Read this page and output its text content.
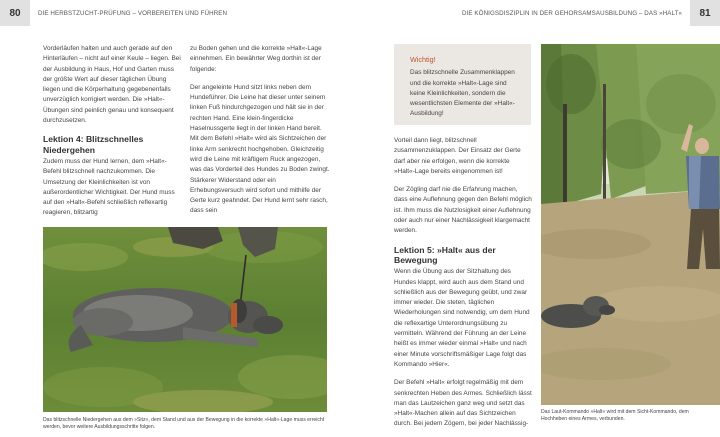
80	DIE HERBSTZUCHT-PRÜFUNG – VORBEREITEN UND FÜHREN	DIE KÖNIGSDISZIPLIN IN DER GEHORSAMSAUSBILDUNG – DAS »HALT«	81

Vorderläufen halten und auch gerade auf den Hinterläufen – nicht auf einer Keule – liegen. Bei der Ausbildung in Haus, Hof und Garten muss der größte Wert auf dieser täglichen Übung liegen und die Körperhaltung gegebenenfalls unverzüglich korrigiert werden. Die »Halt«-Übungen sind peinlich genau und konsequent durchzusetzen.

Lektion 4: Blitzschnelles Niedergehen

Zudem muss der Hund lernen, dem »Halt«-Befehl blitzschnell nachzukommen. Die Umsetzung der Kleinlichkeiten ist von außerordentlicher Wichtigkeit. Der Hund muss auf den »Halt«-Befehl schließlich reflexartig reagieren, blitzartig

zu Boden gehen und die korrekte »Halt«-Lage einnehmen. Ein bewährter Weg dorthin ist der folgende:

Der angeleinte Hund sitzt links neben dem Hundeführer. Die Leine hat dieser unter seinem linken Fuß hindurchgezogen und hält sie in der rechten Hand. Eine klein-fingerdicke Haselnussgerte liegt in der linken Hand bereit. Mit dem Befehl »Halt« wird als Sichtzeichen der linke Arm senkrecht hochgehoben. Gleichzeitig wird die Leine mit kräftigem Ruck angezogen, was das Vorderteil des Hundes zu Boden zwingt. Stärkerer Widerstand oder ein Erhebungsversuch wird sofort und mithilfe der Gerte kurz geahndet. Der Hund lernt sehr rasch, dass sein

Das blitzschnelle Niedergehen aus dem »Sitz«, dem Stand und aus der Bewegung in die korrekte »Halt«-Lage muss erreicht werden, bevor weitere Ausbildungsschritte folgen.
Wichtig!
Das blitzschnelle Zusammenklappen und die korrekte »Halt«-Lage sind keine Kleinlichkeiten, sondern die wesentlichsten Elemente der »Halt«-Ausbildung!

Vorteil dann liegt, blitzschnell zusammenzuklappen. Der Einsatz der Gerte darf aber nie erfolgen, wenn die korrekte »Halt«-Lage bereits eingenommen ist!

Der Zögling darf nie die Erfahrung machen, dass eine Auflehnung gegen den Befehl möglich ist. Ihm muss die Nutzlosigkeit einer Auflehnung oder auch nur einer Nachlässigkeit klargemacht werden.

Lektion 5: »Halt« aus der Bewegung

Wenn die Übung aus der Sitzhaltung des Hundes klappt, wird auch aus dem Stand und schließlich aus der Bewegung geübt, und zwar immer wieder. Die steten, täglichen Wiederholungen sind notwendig, um dem Hund die reflexartige Unterordnungsübung zu vermitteln. Während der Führung an der Leine heißt es immer wieder einmal »Halt« und nach einer Minute vorschriftsmäßiger Lage folgt das Kommando »Hier«.

Der Befehl »Halt« erfolgt regelmäßig mit dem senkrechten Heben des Armes. Schließlich lässt man das Lautzeichen ganz weg und setzt das »Halt«-Machen allein auf das Sichtzeichen durch. Bei jedem Zögern, bei jeder Nachlässig-

Das Laut-Kommando »Halt« wird mit dem Sicht-Kommando, dem Hochheben eines Armes, verbunden.
